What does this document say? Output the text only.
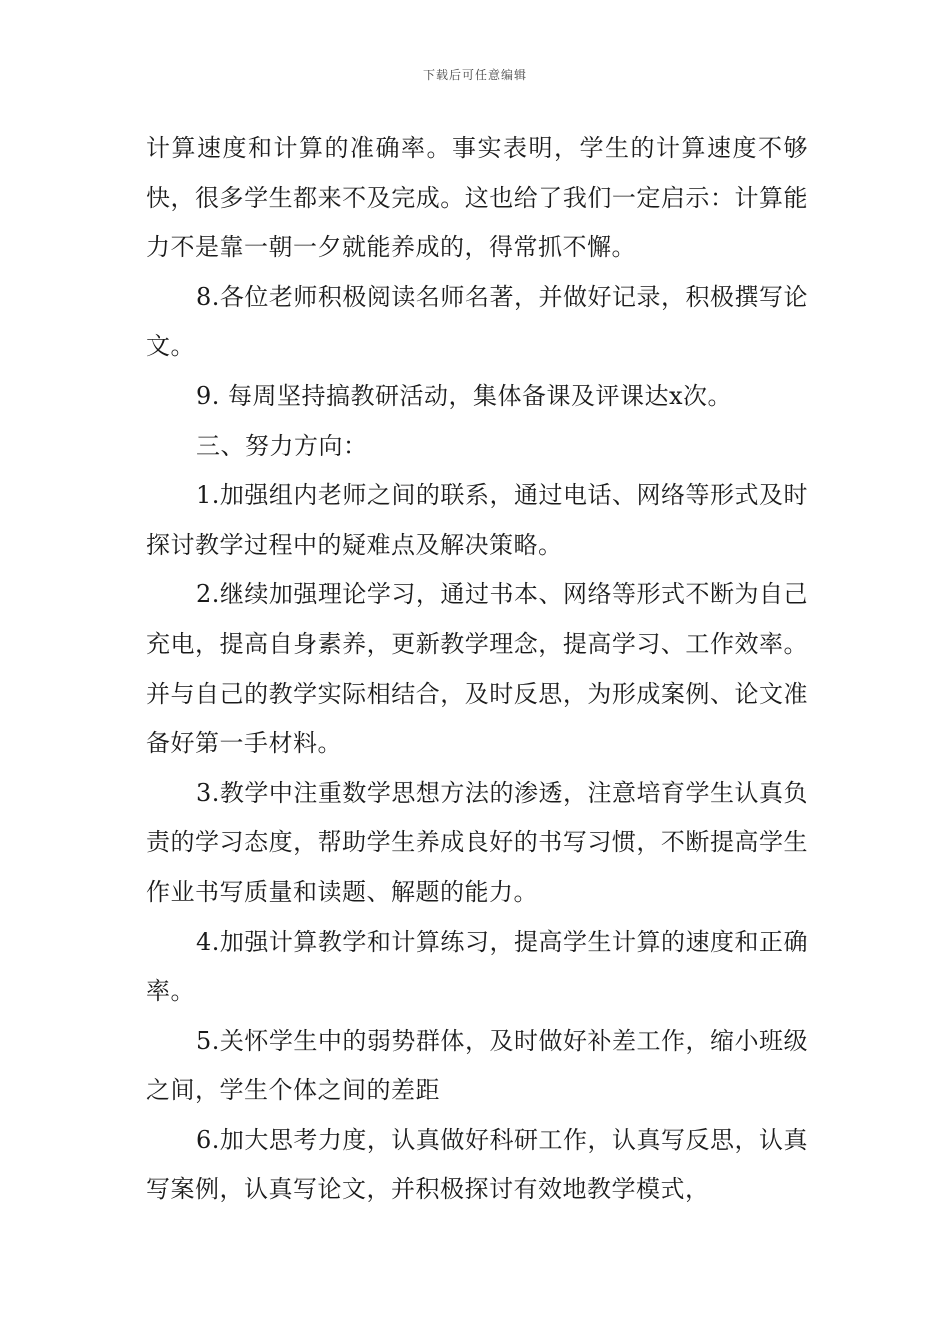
下载后可任意编辑

计算速度和计算的准确率。事实表明，学生的计算速度不够快，很多学生都来不及完成。这也给了我们一定启示：计算能力不是靠一朝一夕就能养成的，得常抓不懈。

8.各位老师积极阅读名师名著，并做好记录，积极撰写论文。

9. 每周坚持搞教研活动，集体备课及评课达x次。

三、努力方向：

1.加强组内老师之间的联系，通过电话、网络等形式及时探讨教学过程中的疑难点及解决策略。

2.继续加强理论学习，通过书本、网络等形式不断为自己充电，提高自身素养，更新教学理念，提高学习、工作效率。并与自己的教学实际相结合，及时反思，为形成案例、论文准备好第一手材料。

3.教学中注重数学思想方法的渗透，注意培育学生认真负责的学习态度，帮助学生养成良好的书写习惯，不断提高学生作业书写质量和读题、解题的能力。

4.加强计算教学和计算练习，提高学生计算的速度和正确率。

5.关怀学生中的弱势群体，及时做好补差工作，缩小班级之间，学生个体之间的差距

6.加大思考力度，认真做好科研工作，认真写反思，认真写案例，认真写论文，并积极探讨有效地教学模式，
